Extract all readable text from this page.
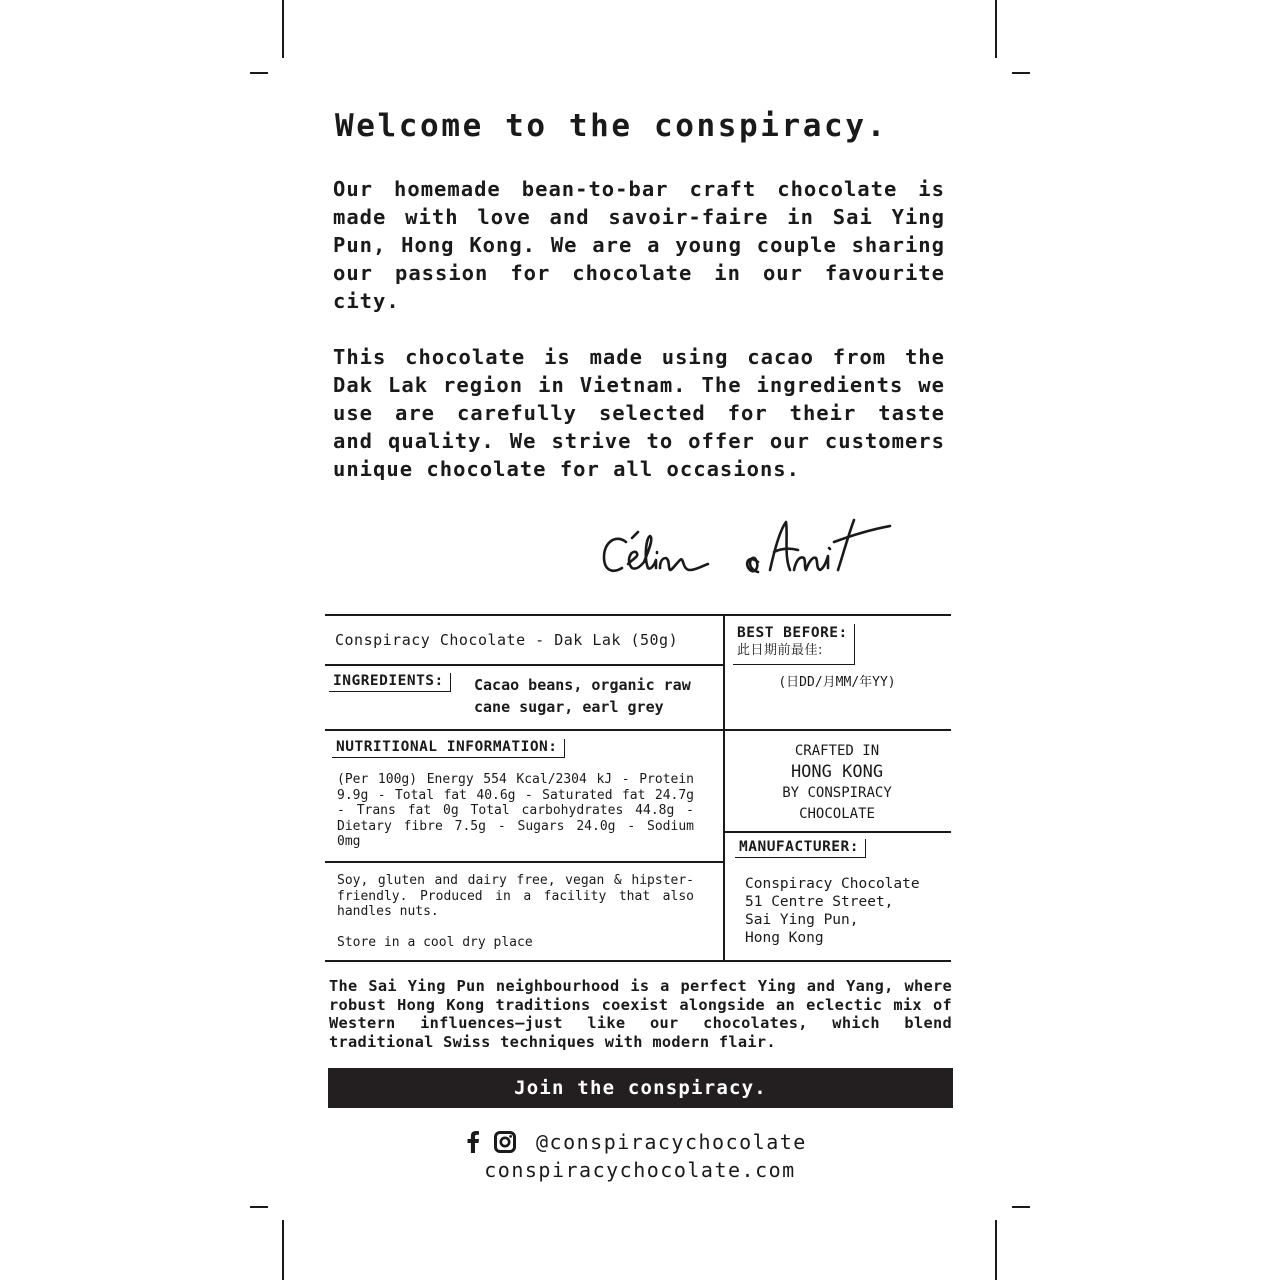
Welcome to the conspiracy.
Our homemade bean-to-bar craft chocolate is made with love and savoir-faire in Sai Ying Pun, Hong Kong. We are a young couple sharing our passion for chocolate in our favourite city.
This chocolate is made using cacao from the Dak Lak region in Vietnam. The ingredients we use are carefully selected for their taste and quality. We strive to offer our customers unique chocolate for all occasions.
Conspiracy Chocolate - Dak Lak (50g)	BEST BEFORE:
此日期前最佳:
(日DD/月MM/年YY)
INGREDIENTS:	Cacao beans, organic raw cane sugar, earl grey
NUTRITIONAL INFORMATION:
(Per 100g) Energy 554 Kcal/2304 kJ - Protein 9.9g - Total fat 40.6g - Saturated fat 24.7g - Trans fat 0g Total carbohydrates 44.8g - Dietary fibre 7.5g - Sugars 24.0g - Sodium 0mg
CRAFTED IN
HONG KONG
BY CONSPIRACY
CHOCOLATE
Soy, gluten and dairy free, vegan & hipster-friendly. Produced in a facility that also handles nuts.
Store in a cool dry place
MANUFACTURER:
Conspiracy Chocolate
51 Centre Street,
Sai Ying Pun,
Hong Kong
The Sai Ying Pun neighbourhood is a perfect Ying and Yang, where robust Hong Kong traditions coexist alongside an eclectic mix of Western influences—just like our chocolates, which blend traditional Swiss techniques with modern flair.
Join the conspiracy.
@conspiracychocolate
conspiracychocolate.com
